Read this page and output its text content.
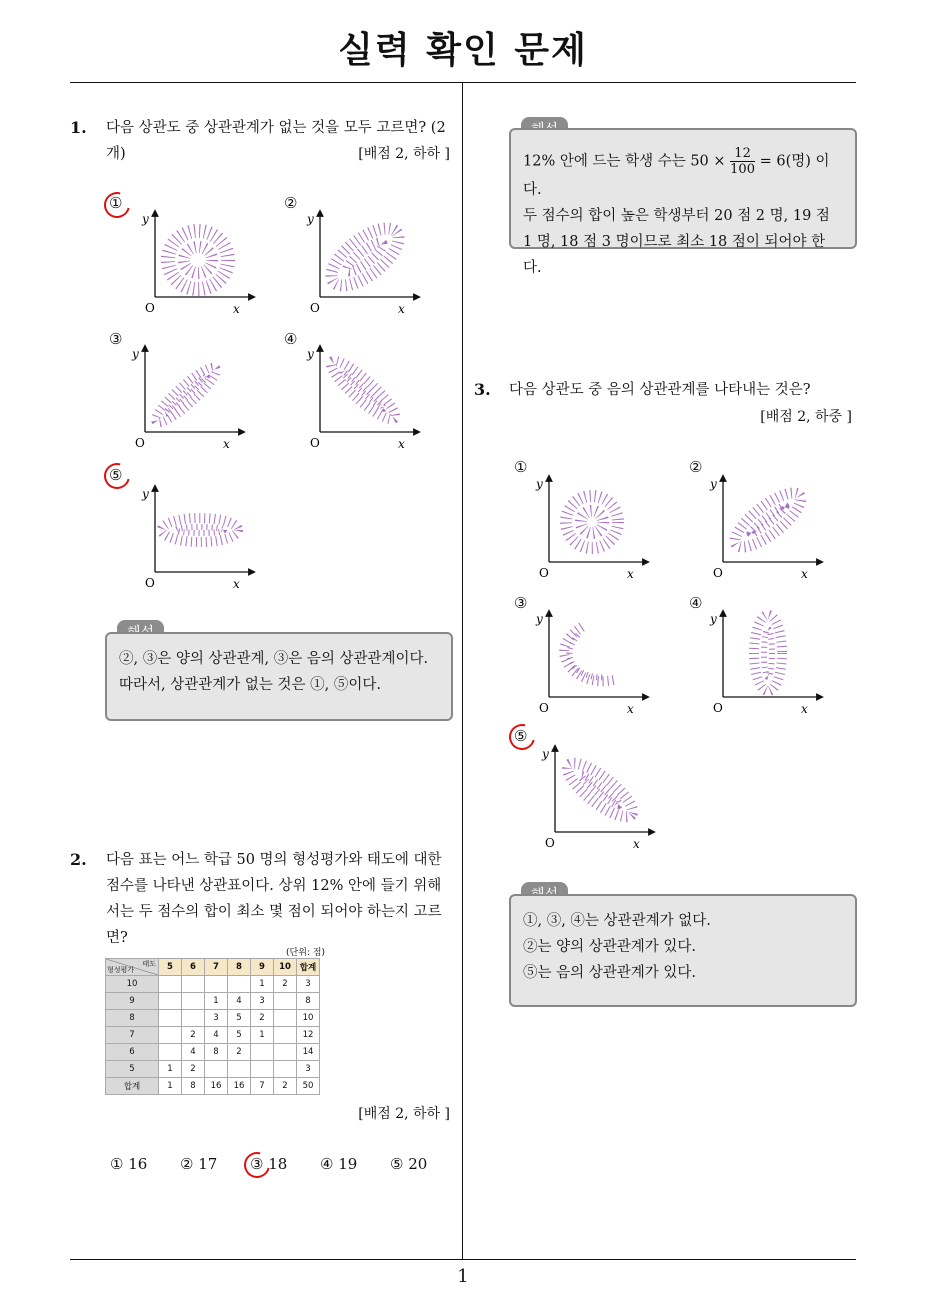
실력 확인 문제
1
1. 다음 상관도 중 상관관계가 없는 것을 모두 고르면? (2
개)	[배점 2, 하하 ]
①
y
O	x
②
y
O	x
③
y
O	x
④
y
O	x
⑤
y
O	x
②, ③은 양의 상관관계, ③은 음의 상관관계이다.
따라서, 상관관계가 없는 것은 ①, ⑤이다.
12% 안에 드는 학생 수는 $50 \times \frac{12}{100} = 6$(명) 이다.
두 점수의 합이 높은 학생부터 20 점 2 명, 19 점
1 명, 18 점 3 명이므로 최소 18 점이 되어야 한다.
2. 다음 표는 어느 학급 50 명의 형성평가와 태도에 대한
점수를 나타낸 상관표이다. 상위 12% 안에 들기 위해
서는 두 점수의 합이 최소 몇 점이 되어야 하는지 고르
면?
(단위: 점)
태도
형성평가	5	6	7	8	9	10	합계
10					1	2	3
9			1	4	3		8
8			3	5	2		10
7		2	4	5	1		12
6		4	8	2			14
5	1	2					3
합계	1	8	16	16	7	2	50
[배점 2, 하하 ]
① 16 ② 17 ③ 18 ④ 19 ⑤ 20
3. 다음 상관도 중 음의 상관관계를 나타내는 것은?
[배점 2, 하중 ]
①
y
O	x
②
y
O	x
③
y
O	x
④
y
O	x
⑤
y
O	x
①, ③, ④는 상관관계가 없다.
②는 양의 상관관계가 있다.
⑤는 음의 상관관계가 있다.
